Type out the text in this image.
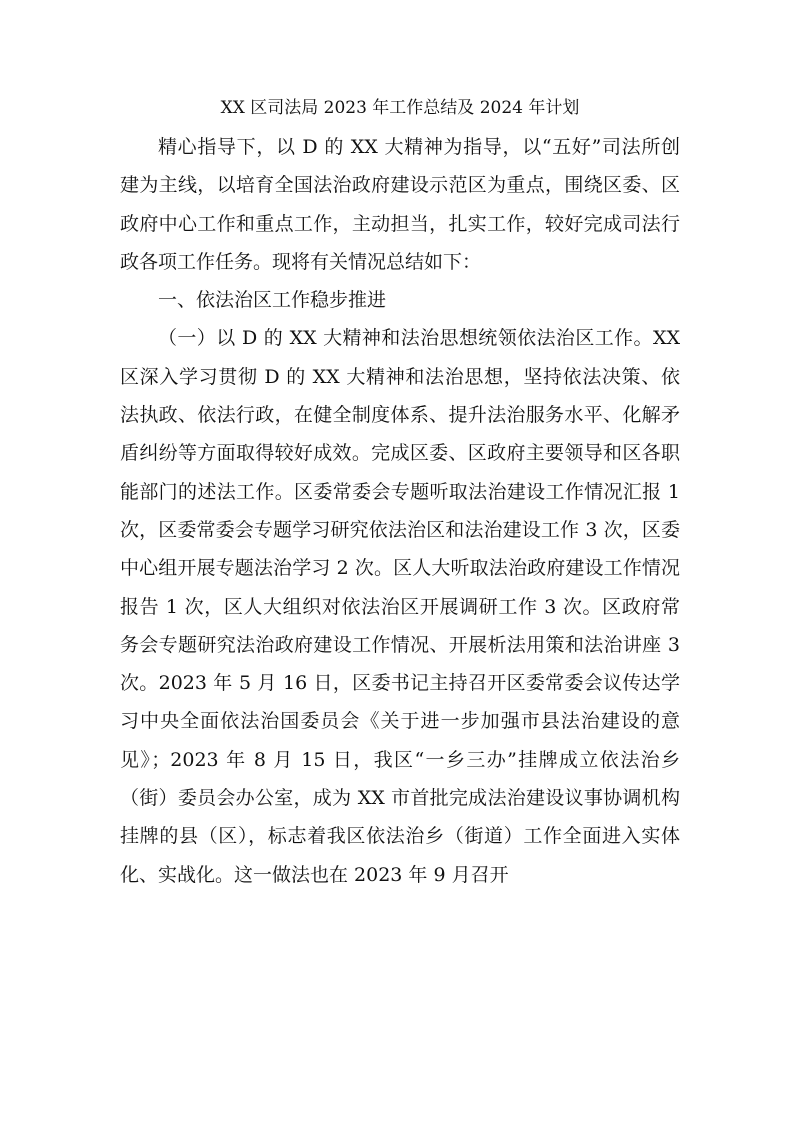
XX 区司法局 2023 年工作总结及 2024 年计划

精心指导下，以 D 的 XX 大精神为指导，以“五好”司法所创建为主线，以培育全国法治政府建设示范区为重点，围绕区委、区政府中心工作和重点工作，主动担当，扎实工作，较好完成司法行政各项工作任务。现将有关情况总结如下：

一、依法治区工作稳步推进

（一）以 D 的 XX 大精神和法治思想统领依法治区工作。XX 区深入学习贯彻 D 的 XX 大精神和法治思想，坚持依法决策、依法执政、依法行政，在健全制度体系、提升法治服务水平、化解矛盾纠纷等方面取得较好成效。完成区委、区政府主要领导和区各职能部门的述法工作。区委常委会专题听取法治建设工作情况汇报 1 次，区委常委会专题学习研究依法治区和法治建设工作 3 次，区委中心组开展专题法治学习 2 次。区人大听取法治政府建设工作情况报告 1 次，区人大组织对依法治区开展调研工作 3 次。区政府常务会专题研究法治政府建设工作情况、开展析法用策和法治讲座 3 次。2023 年 5 月 16 日，区委书记主持召开区委常委会议传达学习中央全面依法治国委员会《关于进一步加强市县法治建设的意见》；2023 年 8 月 15 日，我区“一乡三办”挂牌成立依法治乡（街）委员会办公室，成为 XX 市首批完成法治建设议事协调机构挂牌的县（区），标志着我区依法治乡（街道）工作全面进入实体化、实战化。这一做法也在 2023 年 9 月召开
